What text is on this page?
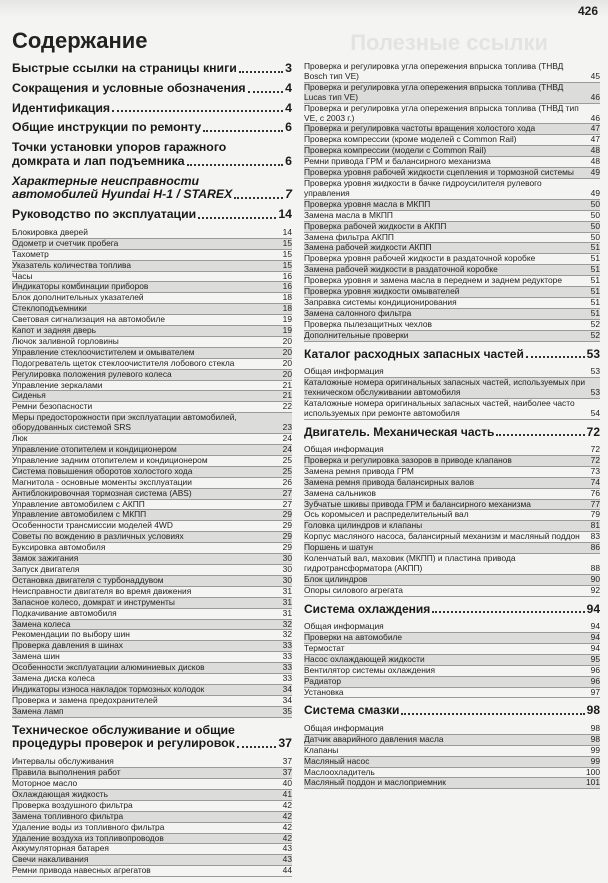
426
Полезные ссылки
Содержание
Быстрые ссылки на страницы книги	3
Сокращения и условные обозначения	4
Идентификация	4
Общие инструкции по ремонту	6
Точки установки упоров гаражного
домкрата и лап подъемника	6
Характерные неисправности
автомобилей Hyundai H-1 / STAREX	7
Руководство по эксплуатации	14
Блокировка дверей	14
Одометр и счетчик пробега	15
Тахометр	15
Указатель количества топлива	15
Часы	16
Индикаторы комбинации приборов	16
Блок дополнительных указателей	18
Стеклоподъемники	18
Световая сигнализация на автомобиле	19
Капот и задняя дверь	19
Лючок заливной горловины	20
Управление стеклоочистителем и омывателем	20
Подогреватель щеток стеклоочистителя лобового стекла	20
Регулировка положения рулевого колеса	20
Управление зеркалами	21
Сиденья	21
Ремни безопасности	22
Меры предосторожности при эксплуатации автомобилей, оборудованных системой SRS	23
Люк	24
Управление отопителем и кондиционером	24
Управление задним отопителем и кондиционером	25
Система повышения оборотов холостого хода	25
Магнитола - основные моменты эксплуатации	26
Антиблокировочная тормозная система (ABS)	27
Управление автомобилем с АКПП	27
Управление автомобилем с МКПП	29
Особенности трансмиссии моделей 4WD	29
Советы по вождению в различных условиях	29
Буксировка автомобиля	29
Замок зажигания	30
Запуск двигателя	30
Остановка двигателя с турбонаддувом	30
Неисправности двигателя во время движения	31
Запасное колесо, домкрат и инструменты	31
Подкачивание автомобиля	31
Замена колеса	32
Рекомендации по выбору шин	32
Проверка давления в шинах	33
Замена шин	33
Особенности эксплуатации алюминиевых дисков	33
Замена диска колеса	33
Индикаторы износа накладок тормозных колодок	34
Проверка и замена предохранителей	34
Замена ламп	35
Техническое обслуживание и общие
процедуры проверок и регулировок	37
Интервалы обслуживания	37
Правила выполнения работ	37
Моторное масло	40
Охлаждающая жидкость	41
Проверка воздушного фильтра	42
Замена топливного фильтра	42
Удаление воды из топливного фильтра	42
Удаление воздуха из топливопроводов	42
Аккумуляторная батарея	43
Свечи накаливания	43
Ремни привода навесных агрегатов	44
Проверка и регулировка угла опережения впрыска топлива (ТНВД Bosch тип VE)	45
Проверка и регулировка угла опережения впрыска топлива (ТНВД Lucas тип VE)	46
Проверка и регулировка угла опережения впрыска топлива (ТНВД тип VE, с 2003 г.)	46
Проверка и регулировка частоты вращения холостого хода	47
Проверка компрессии (кроме моделей с Common Rail)	47
Проверка компрессии (модели с Common Rail)	48
Ремни привода ГРМ и балансирного механизма	48
Проверка уровня рабочей жидкости сцепления и тормозной системы	49
Проверка уровня жидкости в бачке гидроусилителя рулевого управления	49
Проверка уровня масла в МКПП	50
Замена масла в МКПП	50
Проверка рабочей жидкости в АКПП	50
Замена фильтра АКПП	50
Замена рабочей жидкости АКПП	51
Проверка уровня рабочей жидкости в раздаточной коробке	51
Замена рабочей жидкости в раздаточной коробке	51
Проверка уровня и замена масла в переднем и заднем редукторе	51
Проверка уровня жидкости омывателей	51
Заправка системы кондиционирования	51
Замена салонного фильтра	51
Проверка пылезащитных чехлов	52
Дополнительные проверки	52
Каталог расходных запасных частей	53
Общая информация	53
Каталожные номера оригинальных запасных частей, используемых при техническом обслуживании автомобиля	53
Каталожные номера оригинальных запасных частей, наиболее часто используемых при ремонте автомобиля	54
Двигатель. Механическая часть	72
Общая информация	72
Проверка и регулировка зазоров в приводе клапанов	72
Замена ремня привода ГРМ	73
Замена ремня привода балансирных валов	74
Замена сальников	76
Зубчатые шкивы привода ГРМ и балансирного механизма	77
Ось коромысел и распределительный вал	79
Головка цилиндров и клапаны	81
Корпус масляного насоса, балансирный механизм и масляный поддон	83
Поршень и шатун	86
Коленчатый вал, маховик (МКПП) и пластина привода гидротрансформатора (АКПП)	88
Блок цилиндров	90
Опоры силового агрегата	92
Система охлаждения	94
Общая информация	94
Проверки на автомобиле	94
Термостат	94
Насос охлаждающей жидкости	95
Вентилятор системы охлаждения	96
Радиатор	96
Установка	97
Система смазки	98
Общая информация	98
Датчик аварийного давления масла	98
Клапаны	99
Масляный насос	99
Маслоохладитель	100
Масляный поддон и маслоприемник	101
